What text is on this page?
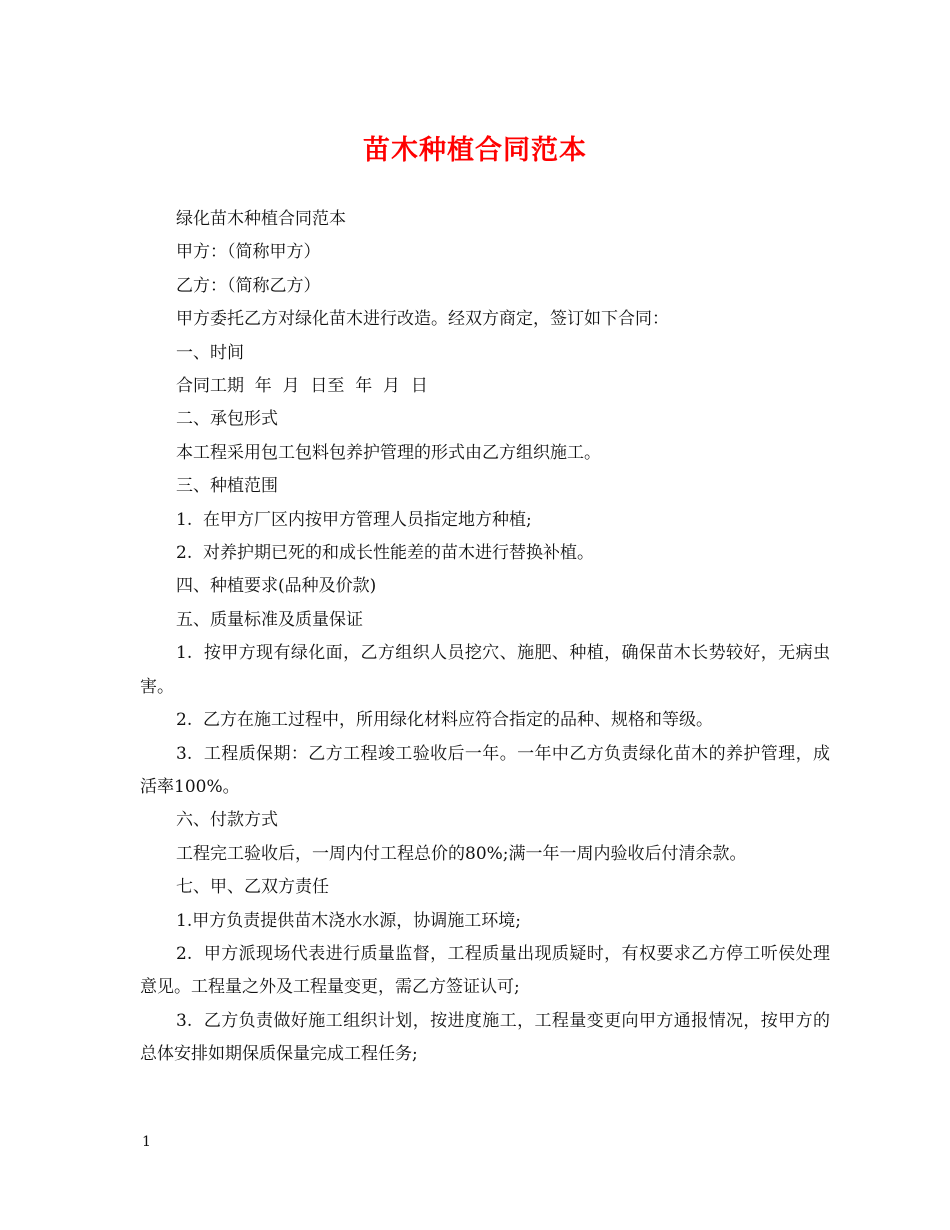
苗木种植合同范本

绿化苗木种植合同范本

甲方：（简称甲方）

乙方：（简称乙方）

甲方委托乙方对绿化苗木进行改造。经双方商定，签订如下合同：

一、时间

合同工期  年  月  日至  年  月  日

二、承包形式

本工程采用包工包料包养护管理的形式由乙方组织施工。

三、种植范围

1.  在甲方厂区内按甲方管理人员指定地方种植;

2.  对养护期已死的和成长性能差的苗木进行替换补植。

四、种植要求(品种及价款)

五、质量标准及质量保证

1.  按甲方现有绿化面，乙方组织人员挖穴、施肥、种植，确保苗木长势较好，无病虫害。

2.  乙方在施工过程中，所用绿化材料应符合指定的品种、规格和等级。

3.  工程质保期：乙方工程竣工验收后一年。一年中乙方负责绿化苗木的养护管理，成活率100%。

六、付款方式

工程完工验收后，一周内付工程总价的80%;满一年一周内验收后付清余款。

七、甲、乙双方责任

1.甲方负责提供苗木浇水水源，协调施工环境;

2.  甲方派现场代表进行质量监督，工程质量出现质疑时，有权要求乙方停工听侯处理意见。工程量之外及工程量变更，需乙方签证认可;

3.  乙方负责做好施工组织计划，按进度施工，工程量变更向甲方通报情况，按甲方的总体安排如期保质保量完成工程任务;

1
